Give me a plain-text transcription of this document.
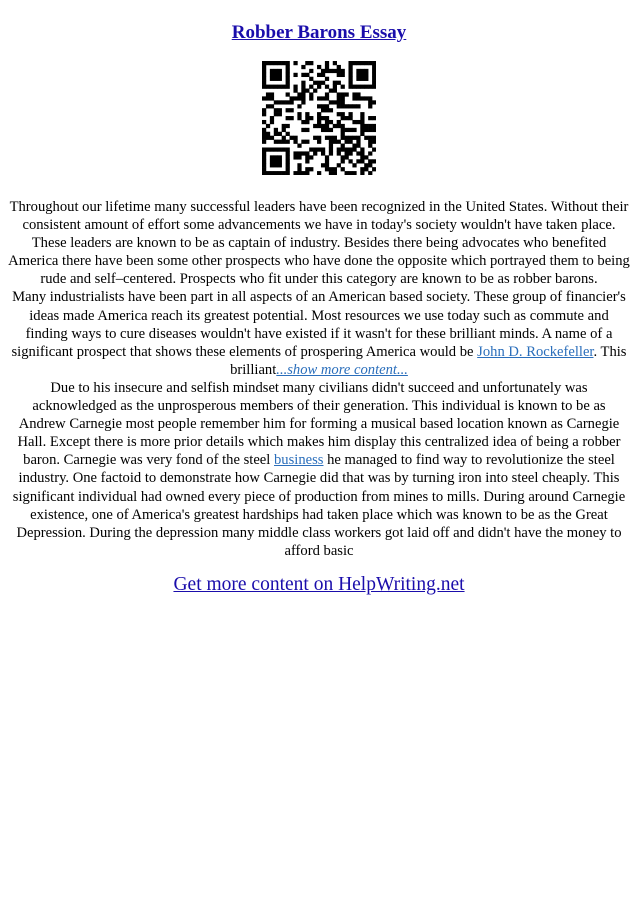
Robber Barons Essay

Throughout our lifetime many successful leaders have been recognized in the United States. Without their consistent amount of effort some advancements we have in today's society wouldn't have taken place. These leaders are known to be as captain of industry. Besides there being advocates who benefited America there have been some other prospects who have done the opposite which portrayed them to being rude and self–centered. Prospects who fit under this category are known to be as robber barons.

Many industrialists have been part in all aspects of an American based society. These group of financier's ideas made America reach its greatest potential. Most resources we use today such as commute and finding ways to cure diseases wouldn't have existed if it wasn't for these brilliant minds. A name of a significant prospect that shows these elements of prospering America would be John D. Rockefeller. This brilliant...show more content...

Due to his insecure and selfish mindset many civilians didn't succeed and unfortunately was acknowledged as the unprosperous members of their generation. This individual is known to be as Andrew Carnegie most people remember him for forming a musical based location known as Carnegie Hall. Except there is more prior details which makes him display this centralized idea of being a robber baron. Carnegie was very fond of the steel business he managed to find way to revolutionize the steel industry. One factoid to demonstrate how Carnegie did that was by turning iron into steel cheaply. This significant individual had owned every piece of production from mines to mills. During around Carnegie existence, one of America's greatest hardships had taken place which was known to be as the Great Depression. During the depression many middle class workers got laid off and didn't have the money to afford basic

Get more content on HelpWriting.net
